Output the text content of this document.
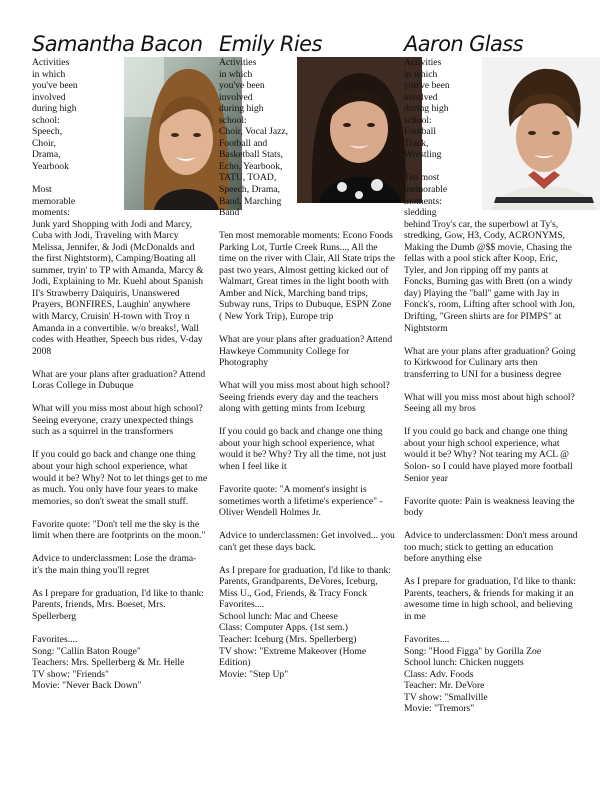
Samantha Bacon
Activities
in which
you've been
involved
during high
school:
Speech,
Choir,
Drama,
Yearbook
Most
memorable
moments:
Junk yard Shopping with Jodi and Marcy, Cuba with Jodi, Traveling with Marcy Melissa, Jennifer, & Jodi (McDonalds and the first Nightstorm), Camping/Boating all summer, tryin' to TP with Amanda, Marcy & Jodi, Explaining to Mr. Kuehl about Spanish II's Strawberry Daiquiris, Unanswered Prayers, BONFIRES, Laughin' anywhere with Marcy, Cruisin' H-town with Troy n Amanda in a convertible. w/o breaks!, Wall codes with Heather, Speech bus rides, V-day 2008
What are your plans after graduation? Attend Loras College in Dubuque
What will you miss most about high school? Seeing everyone, crazy unexpected things such as a squirrel in the transformers
If you could go back and change one thing about your high school experience, what would it be? Why? Not to let things get to me as much. You only have four years to make memories, so don't sweat the small stuff.
Favorite quote: "Don't tell me the sky is the limit when there are footprints on the moon."
Advice to underclassmen: Lose the drama- it's the main thing you'll regret
As I prepare for graduation, I'd like to thank: Parents, friends, Mrs. Boeset, Mrs. Spellerberg
Favorites....
Song: "Callin Baton Rouge"
Teachers: Mrs. Spellerberg & Mr. Helle
TV show: "Friends"
Movie: "Never Back Down"
Emily Ries
Activities
in which
you've been
involved
during high
school:
Choir, Vocal Jazz, Football and Basketball Stats, Echo, Yearbook, TATU, TOAD, Speech, Drama, Band, Marching Band
Ten most memorable moments: Econo Foods Parking Lot, Turtle Creek Runs..., All the time on the river with Clair, All State trips the past two years, Almost getting kicked out of Walmart, Great times in the light booth with Amber and Nick, Marching band trips, Subway runs, Trips to Dubuque, ESPN Zone ( New York Trip), Europe trip
What are your plans after graduation? Attend Hawkeye Community College for Photography
What will you miss most about high school? Seeing friends every day and the teachers along with getting mints from Iceburg
If you could go back and change one thing about your high school experience, what would it be? Why? Try all the time, not just when I feel like it
Favorite quote: "A moment's insight is sometimes worth a lifetime's experience" -Oliver Wendell Holmes Jr.
Advice to underclassmen: Get involved... you can't get these days back.
As I prepare for graduation, I'd like to thank: Parents, Grandparents, DeVores, Iceburg, Miss U., God, Friends, & Tracy Fonck
Favorites....
School lunch: Mac and Cheese
Class: Computer Apps. (1st sem.)
Teacher: Iceburg (Mrs. Spellerberg)
TV show: "Extreme Makeover (Home Edition)
Movie: "Step Up"
Aaron Glass
Activities
in which
you've been
involved
during high
school:
Football
Track,
Wrestling
Ten most
memorable
moments:
sledding
behind Troy's car, the superbowl at Ty's, stredking, Gow, H3, Cody, ACRONYMS, Making the Dumb @$$ movie, Chasing the fellas with a pool stick after Koop, Eric, Tyler, and Jon ripping off my pants at Foncks, Burning gas with Brett (on a windy day) Playing the "ball" game with Jay in Fonck's, room, Lifting after school with Jon, Drifting, "Green shirts are for PIMPS" at Nightstorm
What are your plans after graduation? Going to Kirkwood for Culinary arts then transferring to UNI for a business degree
What will you miss most about high school? Seeing all my bros
If you could go back and change one thing about your high school experience, what would it be? Why? Not tearing my ACL @ Solon- so I could have played more football Senior year
Favorite quote: Pain is weakness leaving the body
Advice to underclassmen: Don't mess around too much; stick to getting an education before anything else
As I prepare for graduation, I'd like to thank: Parents, teachers, & friends for making it an awesome time in high school, and believing in me
Favorites....
Song: "Hood Figga" by Gorilla Zoe
School lunch: Chicken nuggets
Class: Adv. Foods
Teacher: Mr. DeVore
TV show: "Smallville
Movie: "Tremors"
